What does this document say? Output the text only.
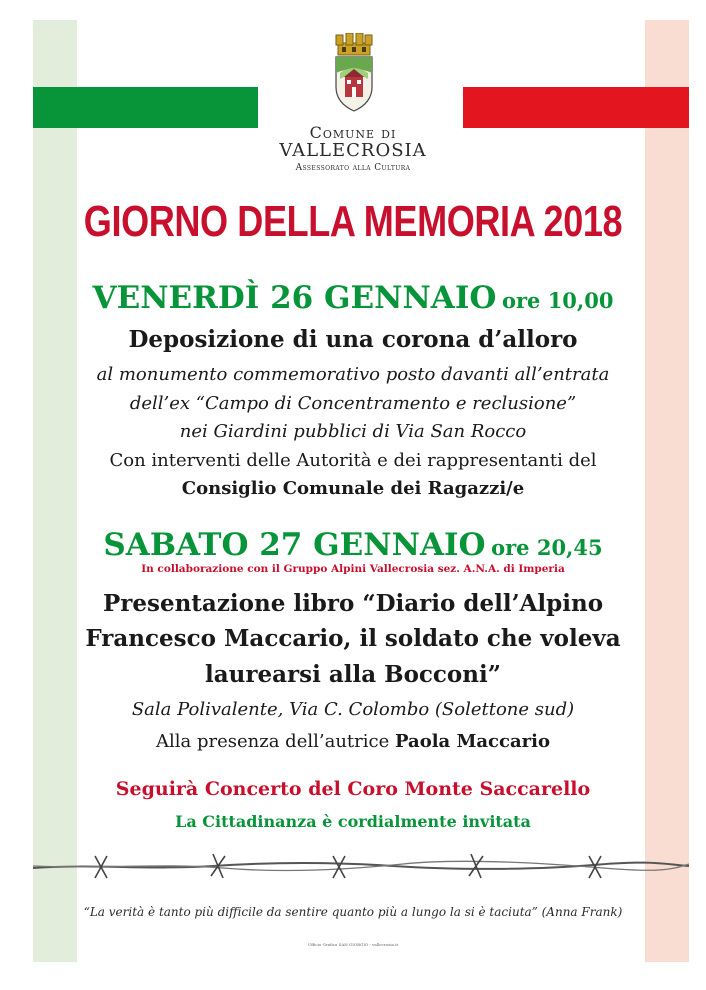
Comune di
VALLECROSIA
Assessorato alla Cultura
GIORNO DELLA MEMORIA 2018
VENERDÌ 26 GENNAIO ore 10,00
Deposizione di una corona d’alloro
al monumento commemorativo posto davanti all’entrata
dell’ex “Campo di Concentramento e reclusione”
nei Giardini pubblici di Via San Rocco
Con interventi delle Autorità e dei rappresentanti del
Consiglio Comunale dei Ragazzi/e
SABATO 27 GENNAIO ore 20,45
In collaborazione con il Gruppo Alpini Vallecrosia sez. A.N.A. di Imperia
Presentazione libro “Diario dell’Alpino
Francesco Maccario, il soldato che voleva
laurearsi alla Bocconi”
Sala Polivalente, Via C. Colombo (Solettone sud)
Alla presenza dell’autrice Paola Maccario
Seguirà Concerto del Coro Monte Saccarello
La Cittadinanza è cordialmente invitata
“La verità è tanto più difficile da sentire quanto più a lungo la si è taciuta” (Anna Frank)
Ufficio Grafica SAN GIORGIO - vallecrosia.it
